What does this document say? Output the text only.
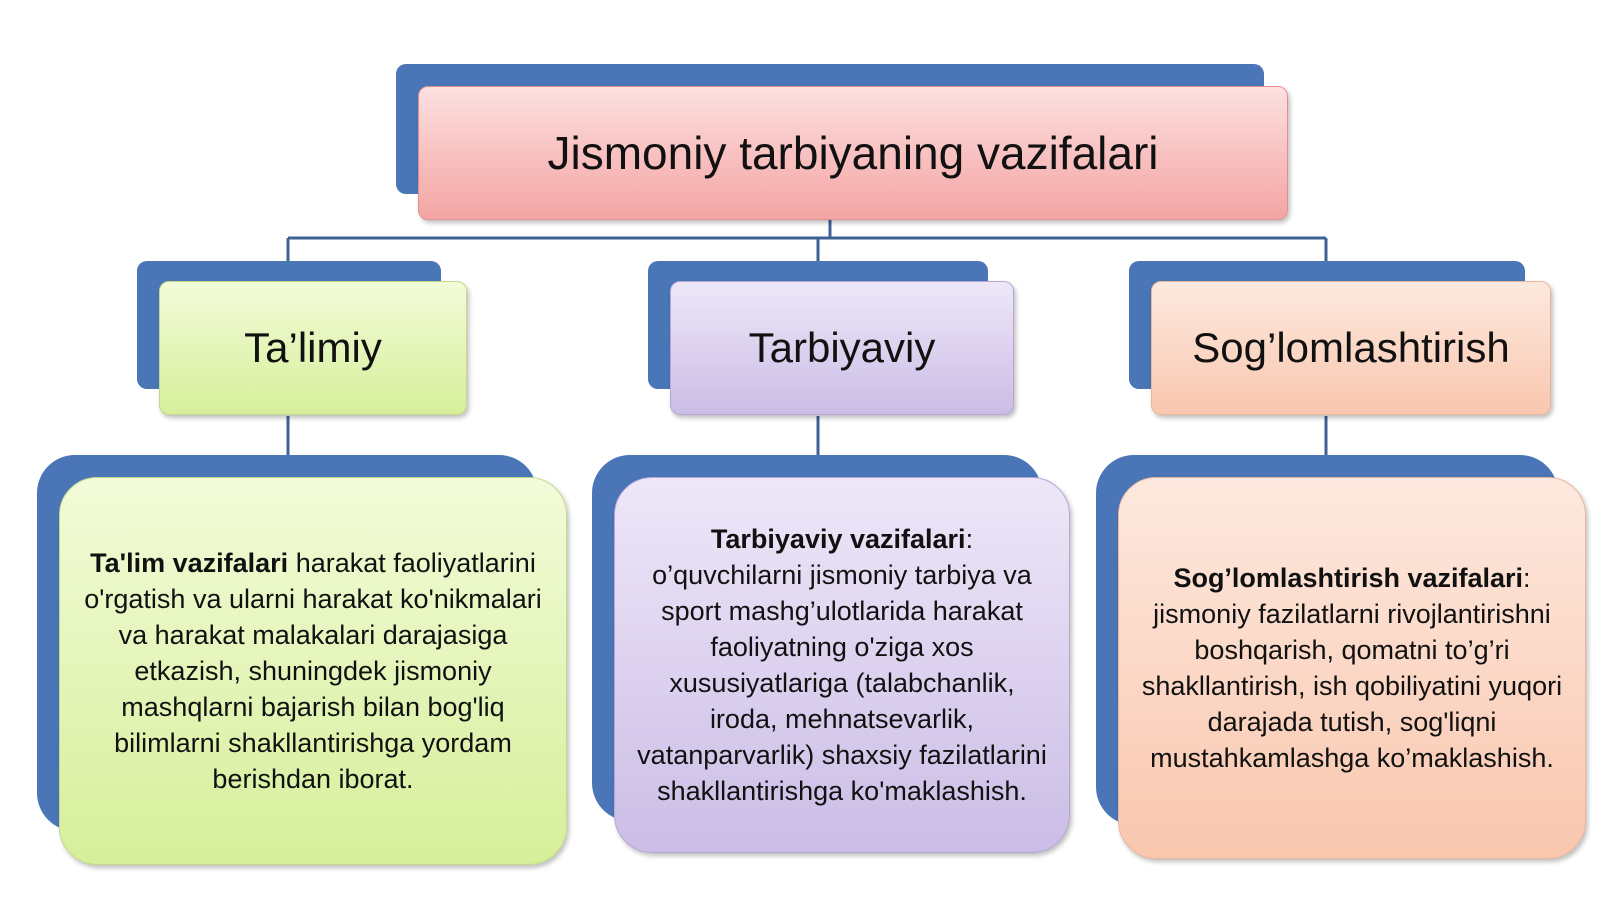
Jismoniy tarbiyaning vazifalari
Ta’limiy	Tarbiyaviy	Sog’lomlashtirish
Ta'lim vazifalari harakat faoliyatlarini o'rgatish va ularni harakat ko'nikmalari va harakat malakalari darajasiga etkazish, shuningdek jismoniy mashqlarni bajarish bilan bog'liq bilimlarni shakllantirishga yordam berishdan iborat.
Tarbiyaviy vazifalari: o’quvchilarni jismoniy tarbiya va sport mashg’ulotlarida harakat faoliyatning o'ziga xos xususiyatlariga (talabchanlik, iroda, mehnatsevarlik, vatanparvarlik) shaxsiy fazilatlarini shakllantirishga ko'maklashish.
Sog’lomlashtirish vazifalari: jismoniy fazilatlarni rivojlantirishni boshqarish, qomatni to’g’ri shakllantirish, ish qobiliyatini yuqori darajada tutish, sog'liqni mustahkamlashga ko’maklashish.
